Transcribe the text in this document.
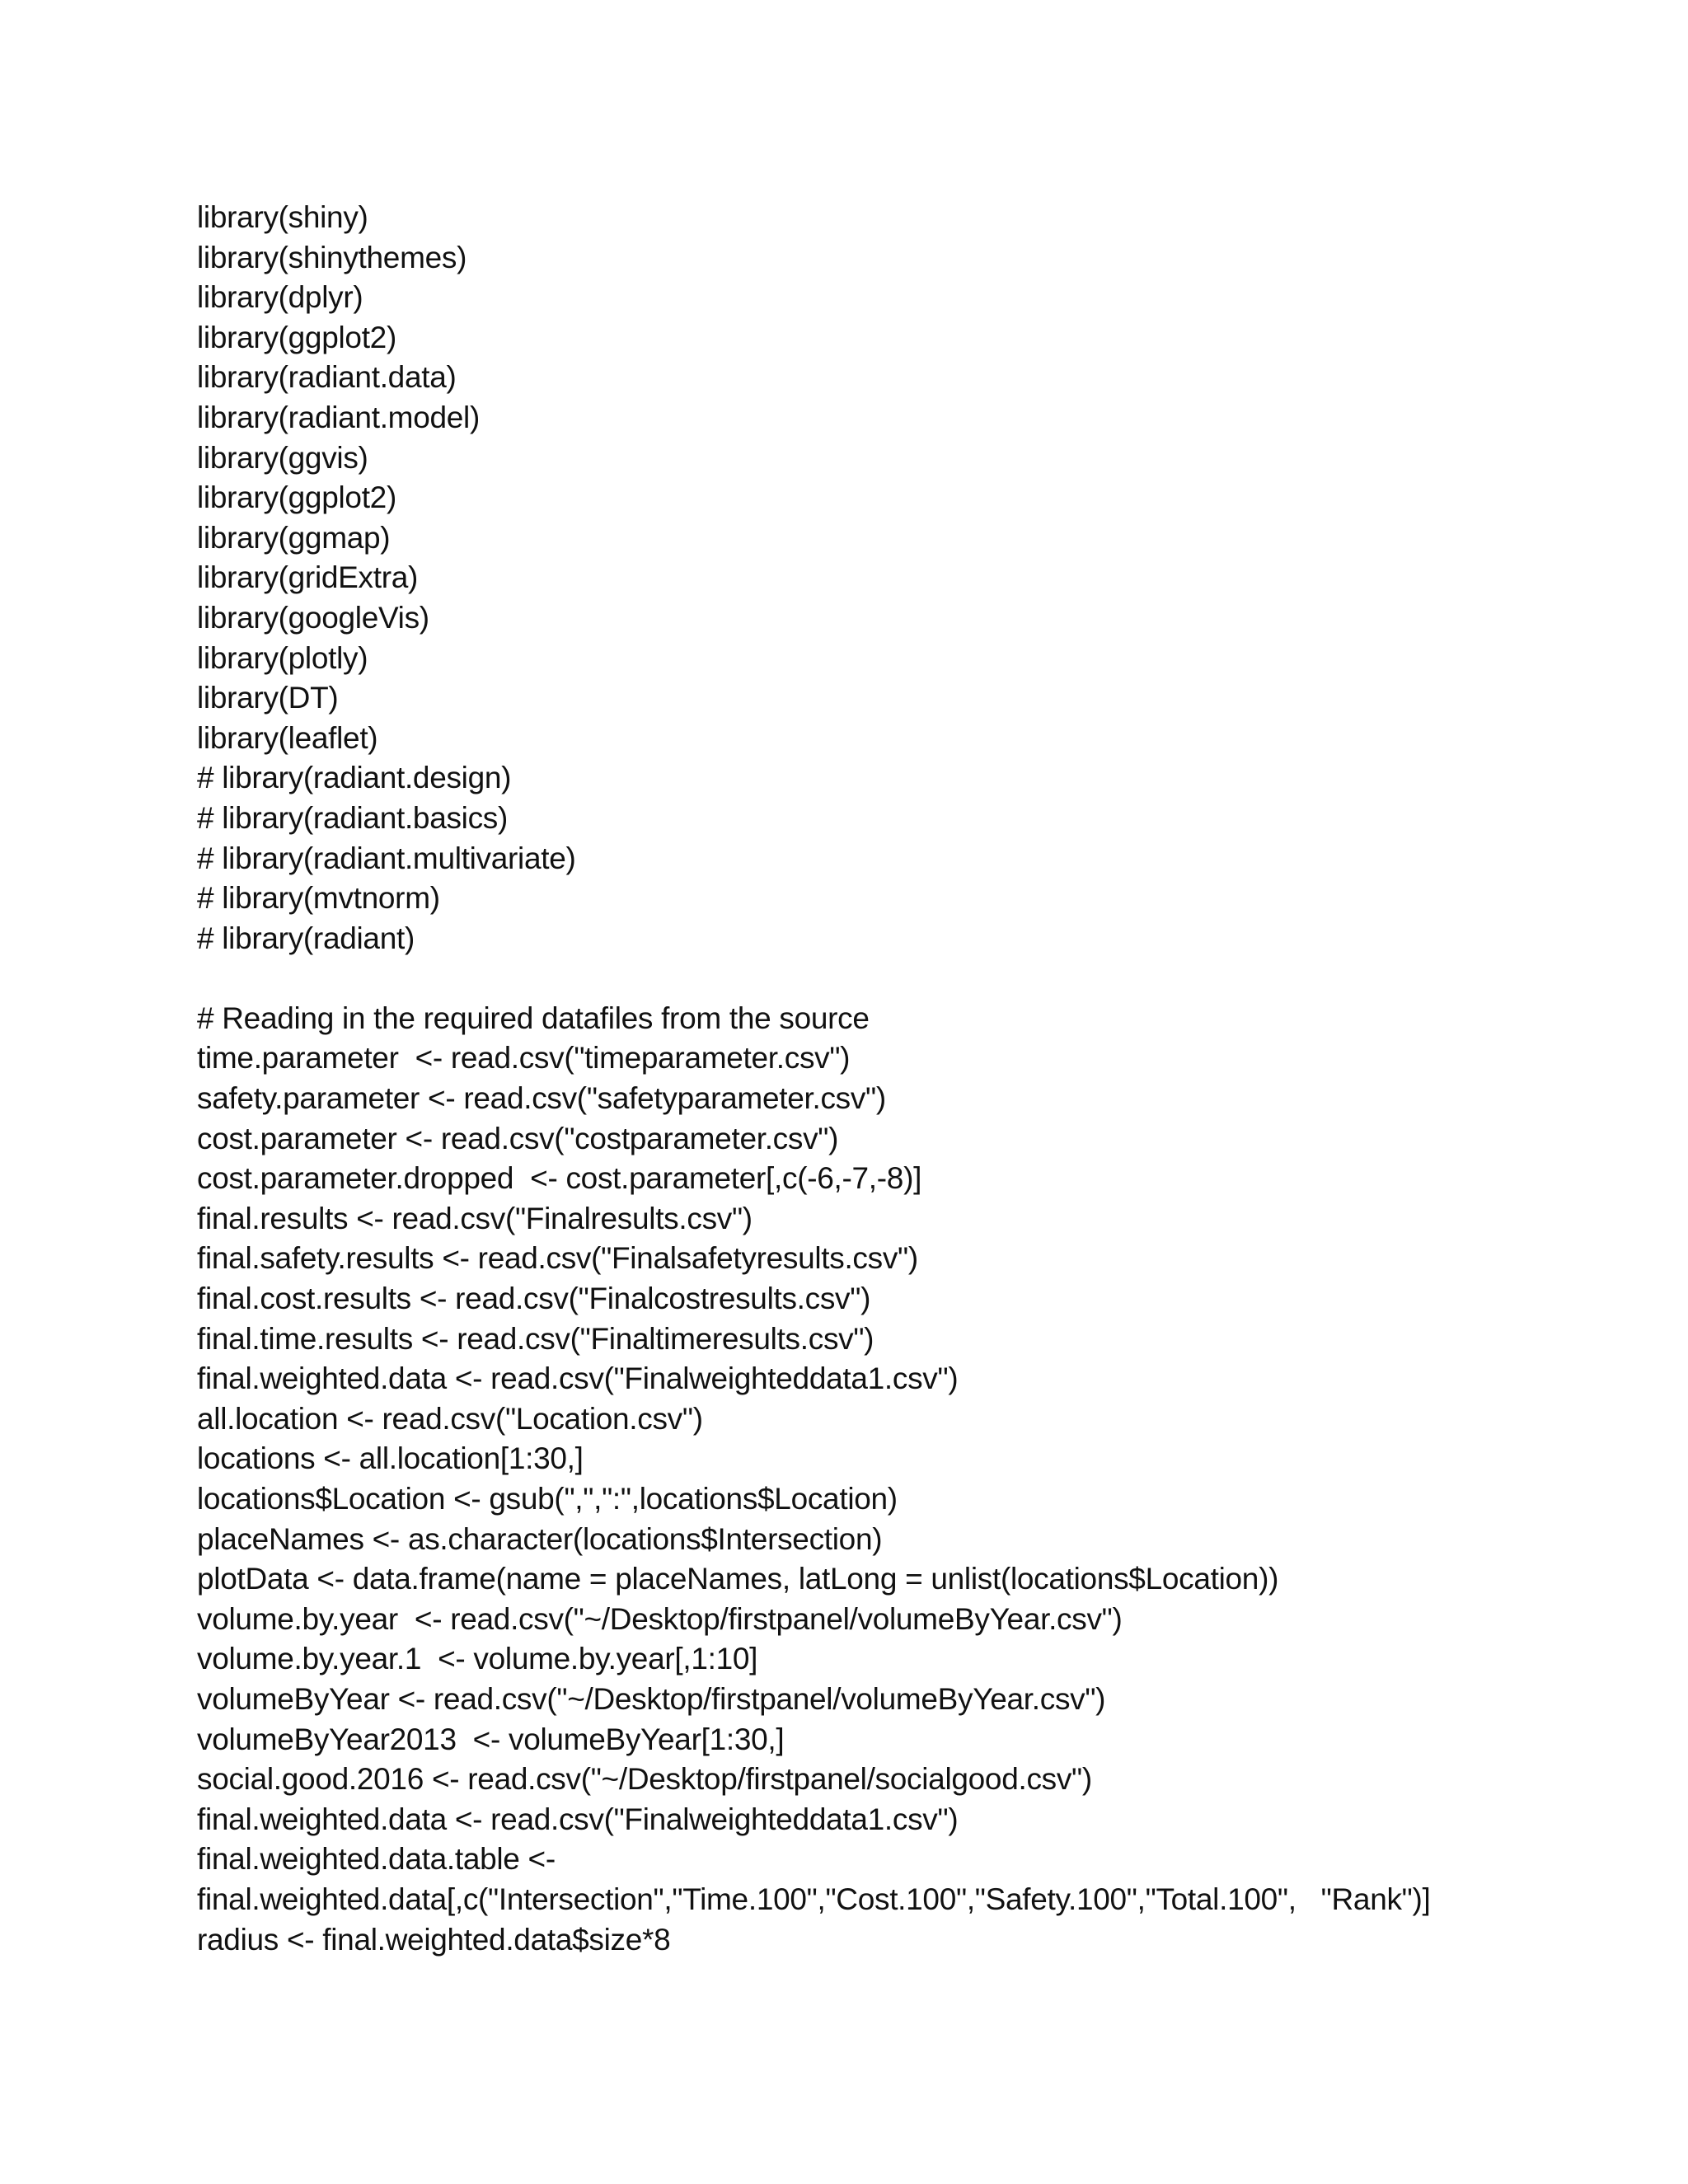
library(shiny)
library(shinythemes)
library(dplyr)
library(ggplot2)
library(radiant.data)
library(radiant.model)
library(ggvis)
library(ggplot2)
library(ggmap)
library(gridExtra)
library(googleVis)
library(plotly)
library(DT)
library(leaflet)
# library(radiant.design)
# library(radiant.basics)
# library(radiant.multivariate)
# library(mvtnorm)
# library(radiant)
# Reading in the required datafiles from the source
time.parameter  <- read.csv("timeparameter.csv")
safety.parameter <- read.csv("safetyparameter.csv")
cost.parameter <- read.csv("costparameter.csv")
cost.parameter.dropped  <- cost.parameter[,c(-6,-7,-8)]
final.results <- read.csv("Finalresults.csv")
final.safety.results <- read.csv("Finalsafetyresults.csv")
final.cost.results <- read.csv("Finalcostresults.csv")
final.time.results <- read.csv("Finaltimeresults.csv")
final.weighted.data <- read.csv("Finalweighteddata1.csv")
all.location <- read.csv("Location.csv")
locations <- all.location[1:30,]
locations$Location <- gsub(",",":",locations$Location)
placeNames <- as.character(locations$Intersection)
plotData <- data.frame(name = placeNames, latLong = unlist(locations$Location))
volume.by.year  <- read.csv("~/Desktop/firstpanel/volumeByYear.csv")
volume.by.year.1  <- volume.by.year[,1:10]
volumeByYear <- read.csv("~/Desktop/firstpanel/volumeByYear.csv")
volumeByYear2013  <- volumeByYear[1:30,]
social.good.2016 <- read.csv("~/Desktop/firstpanel/socialgood.csv")
final.weighted.data <- read.csv("Finalweighteddata1.csv")
final.weighted.data.table <-
final.weighted.data[,c("Intersection","Time.100","Cost.100","Safety.100","Total.100",   "Rank")]
radius <- final.weighted.data$size*8
